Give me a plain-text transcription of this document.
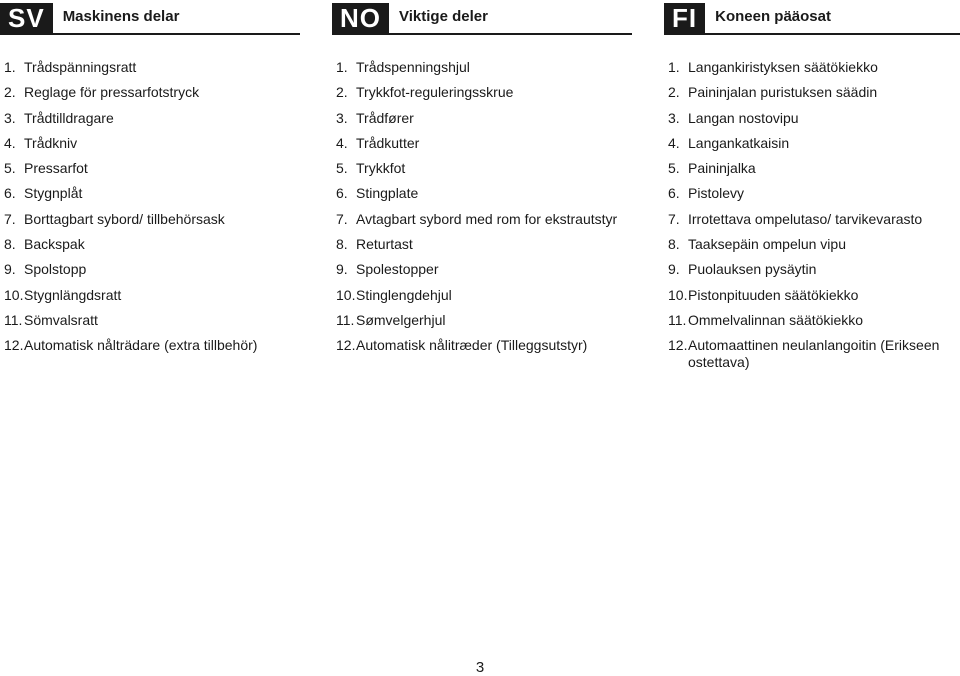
SV	Maskinens delar
1. Trådspänningsratt
2. Reglage för pressarfotstryck
3. Trådtilldragare
4. Trådkniv
5. Pressarfot
6. Stygnplåt
7. Borttagbart sybord/ tillbehörsask
8. Backspak
9. Spolstopp
10. Stygnlängdsratt
11. Sömvalsratt
12. Automatisk nålträdare (extra tillbehör)
NO	Viktige deler
1. Trådspenningshjul
2. Trykkfot-reguleringsskrue
3. Trådfører
4. Trådkutter
5. Trykkfot
6. Stingplate
7. Avtagbart sybord med rom for ekstrautstyr
8. Returtast
9. Spolestopper
10. Stinglengdehjul
11. Sømvelgerhjul
12. Automatisk nålitræder (Tilleggsutstyr)
FI	Koneen pääosat
1. Langankiristyksen säätökiekko
2. Paininjalan puristuksen säädin
3. Langan nostovipu
4. Langankatkaisin
5. Paininjalka
6. Pistolevy
7. Irrotettava ompelutaso/ tarvikevarasto
8. Taaksepäin ompelun vipu
9. Puolauksen pysäytin
10. Pistonpituuden säätökiekko
11. Ommelvalinnan säätökiekko
12. Automaattinen neulanlangoitin (Erikseen ostettava)
3
